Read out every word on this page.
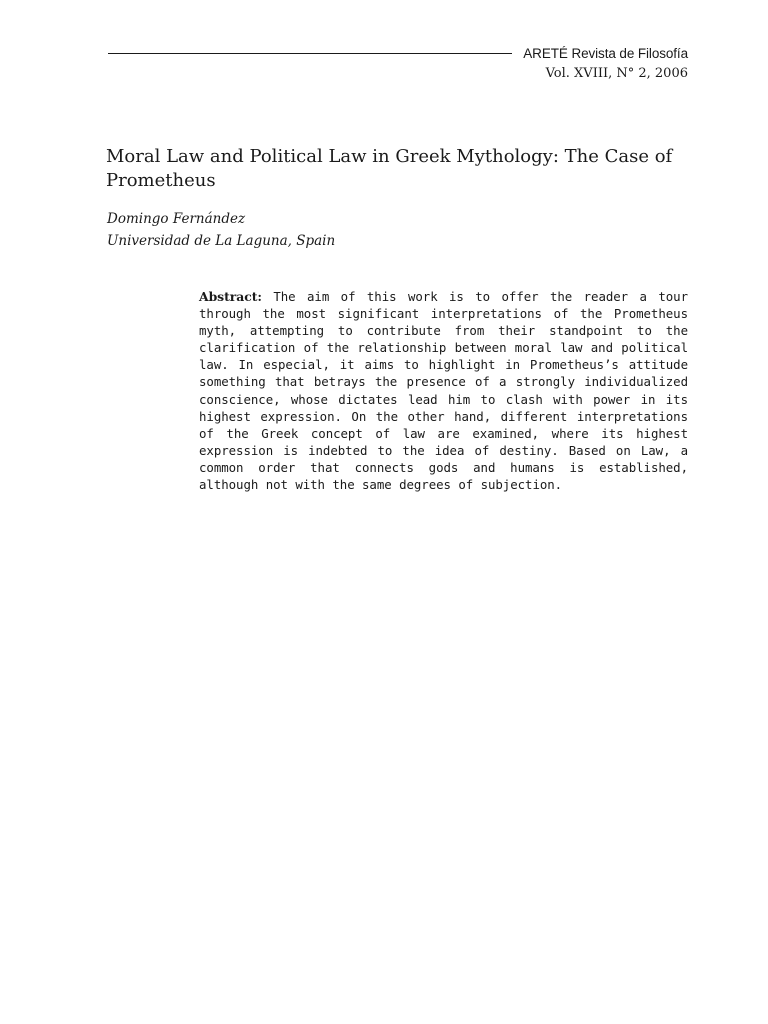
ARETÉ Revista de Filosofía
Vol. XVIII, N° 2, 2006
Moral Law and Political Law in Greek Mythology: The Case of Prometheus
Domingo Fernández
Universidad de La Laguna, Spain

Abstract: The aim of this work is to offer the reader a tour through the most significant interpretations of the Prometheus myth, attempting to contribute from their standpoint to the clarification of the relationship between moral law and political law. In especial, it aims to highlight in Prometheus’s attitude something that betrays the presence of a strongly individualized conscience, whose dictates lead him to clash with power in its highest expression. On the other hand, different interpretations of the Greek concept of law are examined, where its highest expression is indebted to the idea of destiny. Based on Law, a common order that connects gods and humans is established, although not with the same degrees of subjection.
